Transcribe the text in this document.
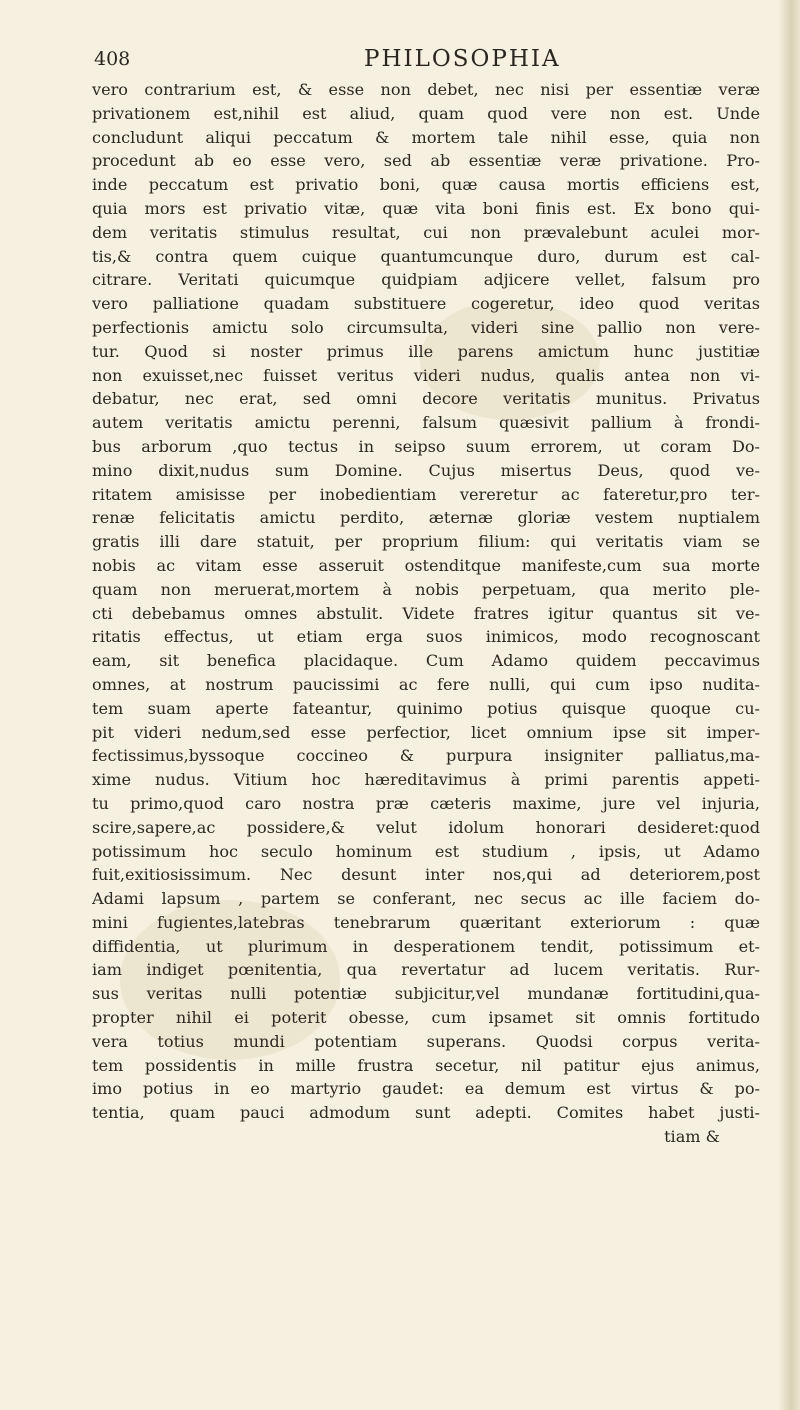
408	PHILOSOPHIA
vero contrarium est, & esse non debet, nec nisi per essentiæ veræ
privationem est,nihil est aliud, quam quod vere non est. Unde
concludunt aliqui peccatum & mortem tale nihil esse, quia non
procedunt ab eo esse vero, sed ab essentiæ veræ privatione. Pro-
inde peccatum est privatio boni, quæ causa mortis efficiens est,
quia mors est privatio vitæ, quæ vita boni finis est. Ex bono qui-
dem veritatis stimulus resultat, cui non prævalebunt aculei mor-
tis,& contra quem cuique quantumcunque duro, durum est cal-
citrare. Veritati quicumque quidpiam adjicere vellet, falsum pro
vero palliatione quadam substituere cogeretur, ideo quod veritas
perfectionis amictu solo circumsulta, videri sine pallio non vere-
tur. Quod si noster primus ille parens amictum hunc justitiæ
non exuisset,nec fuisset veritus videri nudus, qualis antea non vi-
debatur, nec erat, sed omni decore veritatis munitus. Privatus
autem veritatis amictu perenni, falsum quæsivit pallium à frondi-
bus arborum ,quo tectus in seipso suum errorem, ut coram Do-
mino dixit,nudus sum Domine. Cujus misertus Deus, quod ve-
ritatem amisisse per inobedientiam vereretur ac fateretur,pro ter-
renæ felicitatis amictu perdito, æternæ gloriæ vestem nuptialem
gratis illi dare statuit, per proprium filium: qui veritatis viam se
nobis ac vitam esse asseruit ostenditque manifeste,cum sua morte
quam non meruerat,mortem à nobis perpetuam, qua merito ple-
cti debebamus omnes abstulit. Videte fratres igitur quantus sit ve-
ritatis effectus, ut etiam erga suos inimicos, modo recognoscant
eam, sit benefica placidaque. Cum Adamo quidem peccavimus
omnes, at nostrum paucissimi ac fere nulli, qui cum ipso nudita-
tem suam aperte fateantur, quinimo potius quisque quoque cu-
pit videri nedum,sed esse perfectior, licet omnium ipse sit imper-
fectissimus,byssoque coccineo & purpura insigniter palliatus,ma-
xime nudus. Vitium hoc hæreditavimus à primi parentis appeti-
tu primo,quod caro nostra præ cæteris maxime, jure vel injuria,
scire,sapere,ac possidere,& velut idolum honorari desideret:quod
potissimum hoc seculo hominum est studium , ipsis, ut Adamo
fuit,exitiosissimum. Nec desunt inter nos,qui ad deteriorem,post
Adami lapsum , partem se conferant, nec secus ac ille faciem do-
mini fugientes,latebras tenebrarum quæritant exteriorum : quæ
diffidentia, ut plurimum in desperationem tendit, potissimum et-
iam indiget pœnitentia, qua revertatur ad lucem veritatis. Rur-
sus veritas nulli potentiæ subjicitur,vel mundanæ fortitudini,qua-
propter nihil ei poterit obesse, cum ipsamet sit omnis fortitudo
vera totius mundi potentiam superans. Quodsi corpus verita-
tem possidentis in mille frustra secetur, nil patitur ejus animus,
imo potius in eo martyrio gaudet: ea demum est virtus & po-
tentia, quam pauci admodum sunt adepti. Comites habet justi-
tiam &
